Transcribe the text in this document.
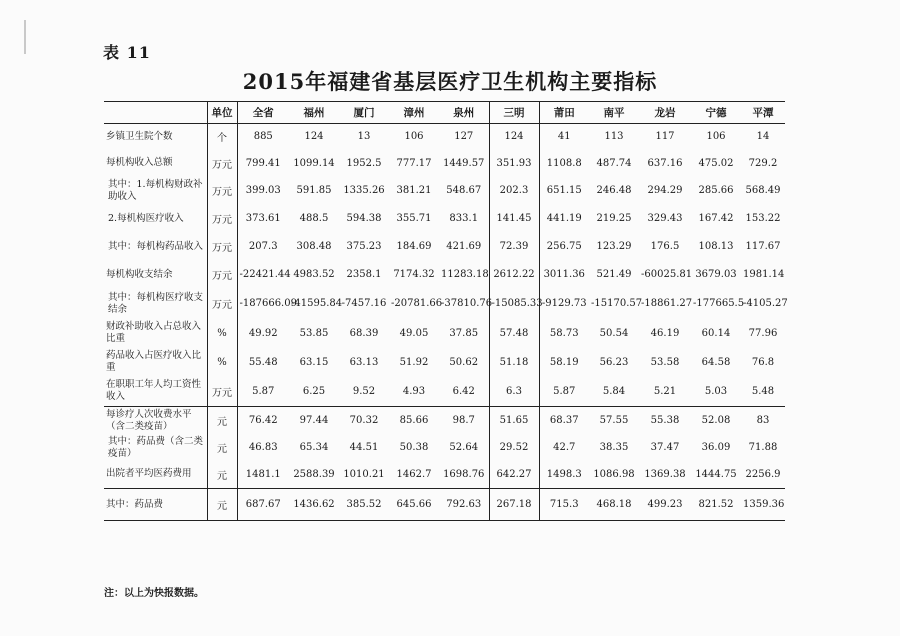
表 11
2015年福建省基层医疗卫生机构主要指标
	单位	全省	福州	厦门	漳州	泉州	三明	莆田	南平	龙岩	宁德	平潭
乡镇卫生院个数	个	885	124	13	106	127	124	41	113	117	106	14
每机构收入总额	万元	799.41	1099.14	1952.5	777.17	1449.57	351.93	1108.8	487.74	637.16	475.02	729.2
其中：1.每机构财政补助收入	万元	399.03	591.85	1335.26	381.21	548.67	202.3	651.15	246.48	294.29	285.66	568.49
2.每机构医疗收入	万元	373.61	488.5	594.38	355.71	833.1	141.45	441.19	219.25	329.43	167.42	153.22
其中：每机构药品收入	万元	207.3	308.48	375.23	184.69	421.69	72.39	256.75	123.29	176.5	108.13	117.67
每机构收支结余	万元	-22421.44	4983.52	2358.1	7174.32	11283.18	2612.22	3011.36	521.49	-60025.81	3679.03	1981.14
其中：每机构医疗收支结余	万元	-187666.09	-41595.84	-7457.16	-20781.66	-37810.76	-15085.33	-9129.73	-15170.57	-18861.27	-177665.5	-4105.27
财政补助收入占总收入比重	%	49.92	53.85	68.39	49.05	37.85	57.48	58.73	50.54	46.19	60.14	77.96
药品收入占医疗收入比重	%	55.48	63.15	63.13	51.92	50.62	51.18	58.19	56.23	53.58	64.58	76.8
在职职工年人均工资性收入	万元	5.87	6.25	9.52	4.93	6.42	6.3	5.87	5.84	5.21	5.03	5.48
每诊疗人次收费水平（含二类疫苗）	元	76.42	97.44	70.32	85.66	98.7	51.65	68.37	57.55	55.38	52.08	83
其中：药品费（含二类疫苗）	元	46.83	65.34	44.51	50.38	52.64	29.52	42.7	38.35	37.47	36.09	71.88
出院者平均医药费用	元	1481.1	2588.39	1010.21	1462.7	1698.76	642.27	1498.3	1086.98	1369.38	1444.75	2256.9
其中：药品费	元	687.67	1436.62	385.52	645.66	792.63	267.18	715.3	468.18	499.23	821.52	1359.36
注：以上为快报数据。
